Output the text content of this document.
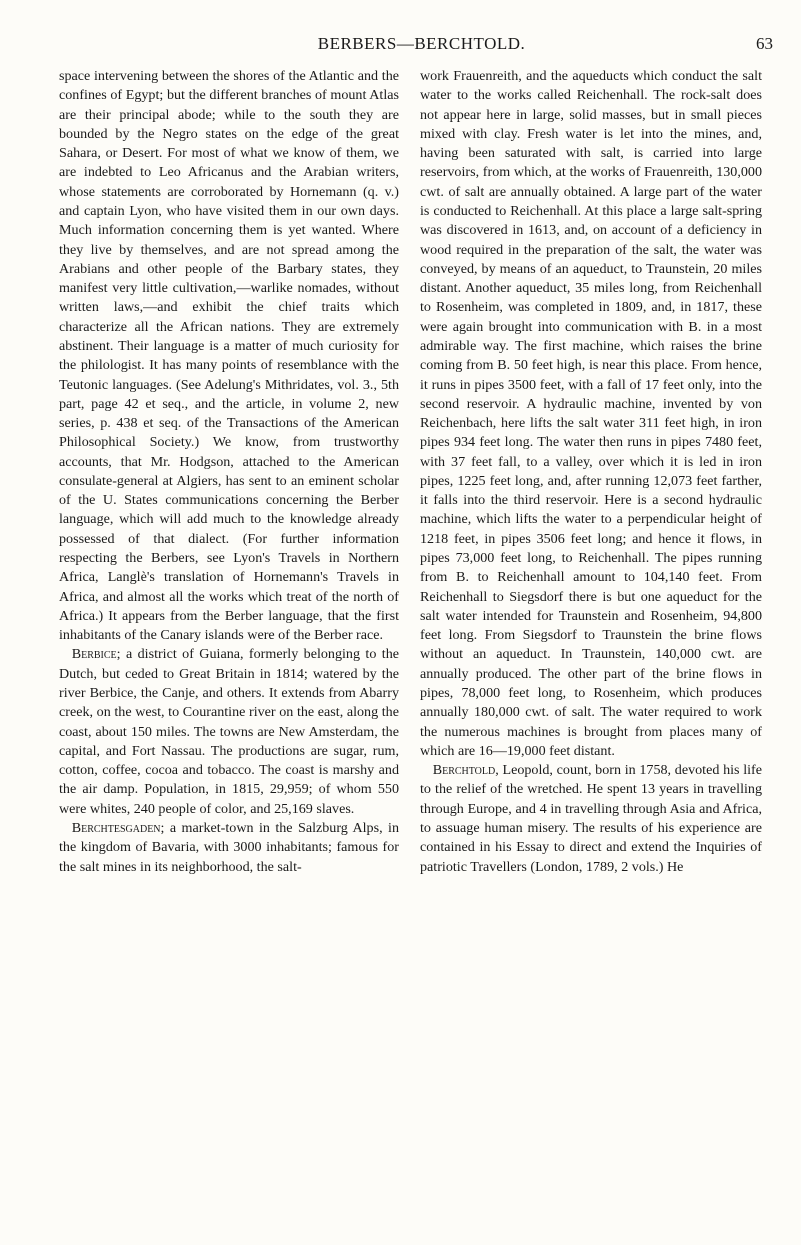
BERBERS—BERCHTOLD.	63

space intervening between the shores of the Atlantic and the confines of Egypt; but the different branches of mount Atlas are their principal abode; while to the south they are bounded by the Negro states on the edge of the great Sahara, or Desert. For most of what we know of them, we are indebted to Leo Africanus and the Arabian writers, whose statements are corroborated by Hornemann (q. v.) and captain Lyon, who have visited them in our own days. Much information concerning them is yet wanted. Where they live by themselves, and are not spread among the Arabians and other people of the Barbary states, they manifest very little cultivation,—warlike nomades, without written laws,—and exhibit the chief traits which characterize all the African nations. They are extremely abstinent. Their language is a matter of much curiosity for the philologist. It has many points of resemblance with the Teutonic languages. (See Adelung's Mithridates, vol. 3., 5th part, page 42 et seq., and the article, in volume 2, new series, p. 438 et seq. of the Transactions of the American Philosophical Society.) We know, from trustworthy accounts, that Mr. Hodgson, attached to the American consulate-general at Algiers, has sent to an eminent scholar of the U. States communications concerning the Berber language, which will add much to the knowledge already possessed of that dialect. (For further information respecting the Berbers, see Lyon's Travels in Northern Africa, Langlè's translation of Hornemann's Travels in Africa, and almost all the works which treat of the north of Africa.) It appears from the Berber language, that the first inhabitants of the Canary islands were of the Berber race.

Berbice; a district of Guiana, formerly belonging to the Dutch, but ceded to Great Britain in 1814; watered by the river Berbice, the Canje, and others. It extends from Abarry creek, on the west, to Courantine river on the east, along the coast, about 150 miles. The towns are New Amsterdam, the capital, and Fort Nassau. The productions are sugar, rum, cotton, coffee, cocoa and tobacco. The coast is marshy and the air damp. Population, in 1815, 29,959; of whom 550 were whites, 240 people of color, and 25,169 slaves.

Berchtesgaden; a market-town in the Salzburg Alps, in the kingdom of Bavaria, with 3000 inhabitants; famous for the salt mines in its neighborhood, the salt-

work Frauenreith, and the aqueducts which conduct the salt water to the works called Reichenhall. The rock-salt does not appear here in large, solid masses, but in small pieces mixed with clay. Fresh water is let into the mines, and, having been saturated with salt, is carried into large reservoirs, from which, at the works of Frauenreith, 130,000 cwt. of salt are annually obtained. A large part of the water is conducted to Reichenhall. At this place a large salt-spring was discovered in 1613, and, on account of a deficiency in wood required in the preparation of the salt, the water was conveyed, by means of an aqueduct, to Traunstein, 20 miles distant. Another aqueduct, 35 miles long, from Reichenhall to Rosenheim, was completed in 1809, and, in 1817, these were again brought into communication with B. in a most admirable way. The first machine, which raises the brine coming from B. 50 feet high, is near this place. From hence, it runs in pipes 3500 feet, with a fall of 17 feet only, into the second reservoir. A hydraulic machine, invented by von Reichenbach, here lifts the salt water 311 feet high, in iron pipes 934 feet long. The water then runs in pipes 7480 feet, with 37 feet fall, to a valley, over which it is led in iron pipes, 1225 feet long, and, after running 12,073 feet farther, it falls into the third reservoir. Here is a second hydraulic machine, which lifts the water to a perpendicular height of 1218 feet, in pipes 3506 feet long; and hence it flows, in pipes 73,000 feet long, to Reichenhall. The pipes running from B. to Reichenhall amount to 104,140 feet. From Reichenhall to Siegsdorf there is but one aqueduct for the salt water intended for Traunstein and Rosenheim, 94,800 feet long. From Siegsdorf to Traunstein the brine flows without an aqueduct. In Traunstein, 140,000 cwt. are annually produced. The other part of the brine flows in pipes, 78,000 feet long, to Rosenheim, which produces annually 180,000 cwt. of salt. The water required to work the numerous machines is brought from places many of which are 16—19,000 feet distant.

Berchtold, Leopold, count, born in 1758, devoted his life to the relief of the wretched. He spent 13 years in travelling through Europe, and 4 in travelling through Asia and Africa, to assuage human misery. The results of his experience are contained in his Essay to direct and extend the Inquiries of patriotic Travellers (London, 1789, 2 vols.) He
